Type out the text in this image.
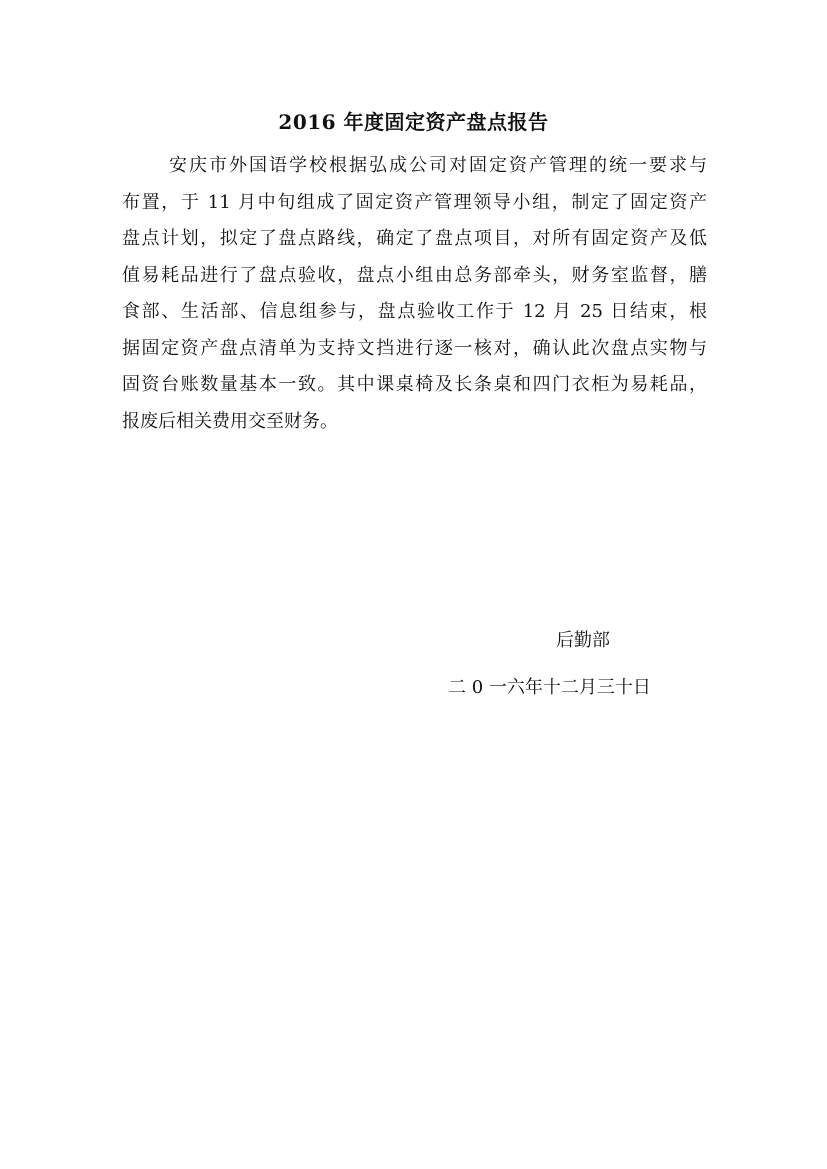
2016 年度固定资产盘点报告
安庆市外国语学校根据弘成公司对固定资产管理的统一要求与
布置，于 11 月中旬组成了固定资产管理领导小组，制定了固定资产
盘点计划，拟定了盘点路线，确定了盘点项目，对所有固定资产及低
值易耗品进行了盘点验收，盘点小组由总务部牵头，财务室监督，膳
食部、生活部、信息组参与，盘点验收工作于 12 月 25 日结束，根
据固定资产盘点清单为支持文挡进行逐一核对，确认此次盘点实物与
固资台账数量基本一致。其中课桌椅及长条桌和四门衣柜为易耗品，
报废后相关费用交至财务。
后勤部
二 0 一六年十二月三十日
